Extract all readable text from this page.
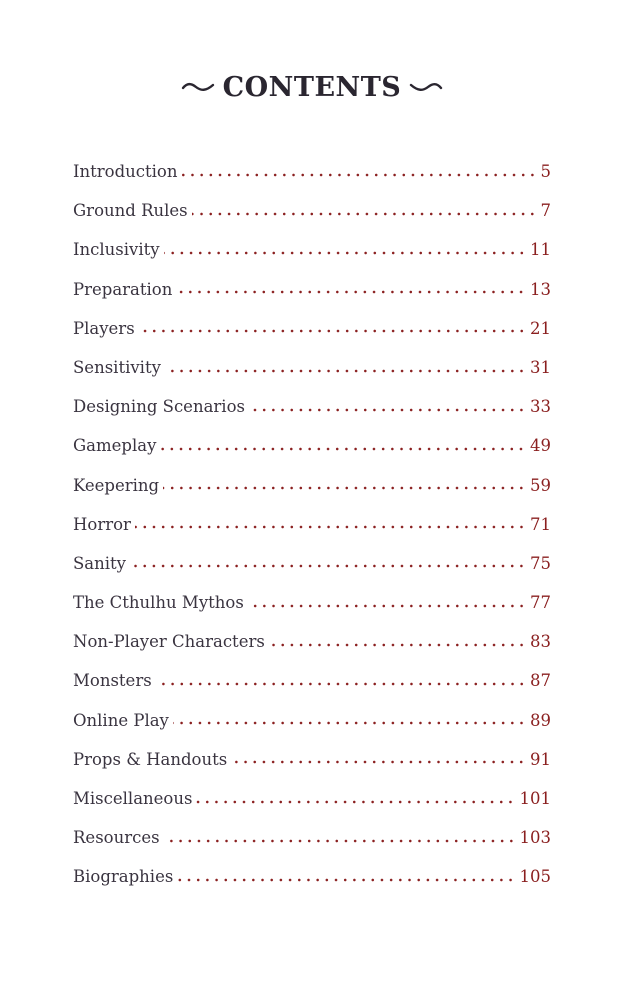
CONTENTS
Introduction	5
Ground Rules	7
Inclusivity	11
Preparation	13
Players	21
Sensitivity	31
Designing Scenarios	33
Gameplay	49
Keepering	59
Horror	71
Sanity	75
The Cthulhu Mythos	77
Non-Player Characters	83
Monsters	87
Online Play	89
Props & Handouts	91
Miscellaneous	101
Resources	103
Biographies	105
